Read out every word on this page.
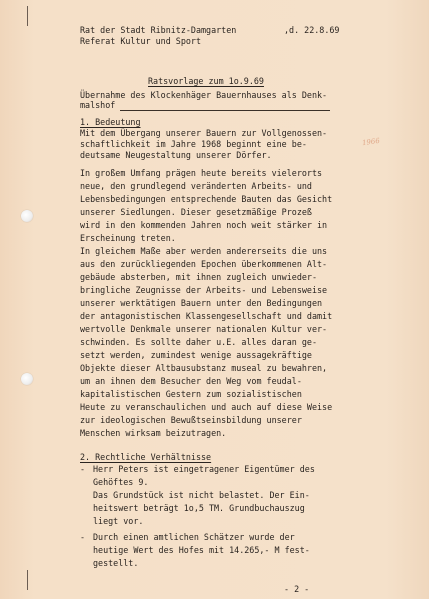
Rat der Stadt Ribnitz-Damgarten
Referat Kultur und Sport
,d. 22.8.69
Ratsvorlage zum 1o.9.69
Übernahme des Klockenhäger Bauernhauses als Denk-
malshof
1966
1. Bedeutung
Mit dem Übergang unserer Bauern zur Vollgenossen-
schaftlichkeit im Jahre 1968 beginnt eine be-
deutsame Neugestaltung unserer Dörfer.
In großem Umfang prägen heute bereits vielerorts
neue, den grundlegend veränderten Arbeits- und
Lebensbedingungen entsprechende Bauten das Gesicht
unserer Siedlungen. Dieser gesetzmäßige Prozeß
wird in den kommenden Jahren noch weit stärker in
Erscheinung treten.
In gleichem Maße aber werden andererseits die uns
aus den zurückliegenden Epochen überkommenen Alt-
gebäude absterben, mit ihnen zugleich unwieder-
bringliche Zeugnisse der Arbeits- und Lebensweise
unserer werktätigen Bauern unter den Bedingungen
der antagonistischen Klassengesellschaft und damit
wertvolle Denkmale unserer nationalen Kultur ver-
schwinden. Es sollte daher u.E. alles daran ge-
setzt werden, zumindest wenige aussagekräftige
Objekte dieser Altbausubstanz museal zu bewahren,
um an ihnen dem Besucher den Weg vom feudal-
kapitalistischen Gestern zum sozialistischen
Heute zu veranschaulichen und auch auf diese Weise
zur ideologischen Bewußtseinsbildung unserer
Menschen wirksam beizutragen.
2. Rechtliche Verhältnisse
- Herr Peters ist eingetragener Eigentümer des
Gehöftes 9.
Das Grundstück ist nicht belastet. Der Ein-
heitswert beträgt 1o,5 TM. Grundbuchauszug
liegt vor.
- Durch einen amtlichen Schätzer wurde der
heutige Wert des Hofes mit 14.265,- M fest-
gestellt.
- 2 -
